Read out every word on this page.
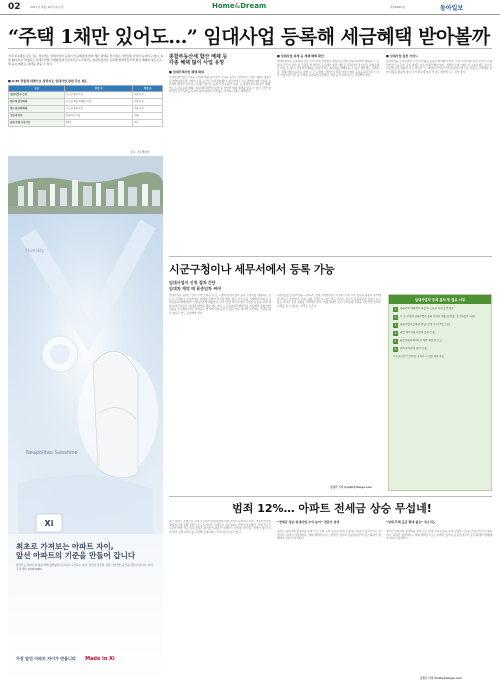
02	2011년 6월 30일 목요일	Home&Dream	제36620호	동아일보
“주택 1채만 있어도…” 임대사업 등록해 세금혜택 받아볼까
거주 외 1채를 갖고 있는 경우에도 임대사업자 등록이 가능해짐에 따라 세금 혜택을 받으려는 사람들의 관심이 높아지고 있다. 6월 30일부터 개정되는 임대주택법 시행령에 따르면 1가구 1주택자도 임대사업자로 등록해 종합부동산세 합산 배제와 양도소득세 중과 배제 등 혜택을 받을 수 있다.
■ 6·30 전월세 대책으로 달라지는 임대사업 관련 주요 제도
구분	변경 전	변경 후
임대사업자 등록	수도권 3채 이상	1채 이상
종부세 합산배제	수도권 3채, 149㎡ 이하	1채 이상
양도세 중과배제	수도권 3채 이상	1채 이상
소득세 감면	임대 5년 이상	완화
임대 주택 보유기간	10년	5년
자료: 국토해양부
Xi
Neapolitan Sunshine
Humidity
최초로 가져보는 아파트 자이,
앞선 아파트의 기준을 만들어 갑니다
앞서가는 아파트의 삶을 위해 끊임없이 연구하고 고민하는 자이. 당신이 꿈꾸던 가장 이상적인 공간을 만들어 갑니다. 자이 고객 센터 1544-0000
가장 앞선 아파트 자이가 만듭니다 Made in Xi
종합부동산세 합산 배제 등
각종 혜택 많이 사업 유망
■ 임대주택사업 혜택 확대
주택임대사업은 주택을 구입해 세를 놓으면서 수익을 올리는 사업이다. 이번 시행령 개정으로 매입임대주택 사업자 등록 요건이 크게 완화됐다. 지금까지는 수도권에서 3채 이상을 보유해야 했지만 앞으로는 1채만 있어도 등록이 가능하다. 등록 시 종합부동산세 합산 배제, 양도소득세 중과 배제, 취득세와 재산세 감면 등 다양한 세제 혜택을 받을 수 있다. 다만 임대 의무기간 5년을 지켜야 하며 임대료 인상률도 연 5% 이내로 제한된다.
■ 임대사업 과세 등 세제 혜택 확인
임대사업자로 등록하면 보유 주택 수에 관계없이 종합부동산세 과세 대상에서 제외된다. 또 임대 기간이 끝난 뒤 주택을 팔 때 양도소득세가 일반 세율로 부과되며 장기보유 특별공제도 받을 수 있다. 전용면적 60㎡ 이하 주택은 취득세를 면제받을 수 있고 재산세도 감면된다. 임대사업자 등록은 관할 시·군·구청에 신청한 뒤 세무서에 사업자 등록을 하면 된다. 다만 임대 의무기간 중 주택을 처분하면 감면받은 세금을 추징당하므로 주의해야 한다.
■ 임대사업 실전 가이드
임대사업을 시작하려면 우선 수익률을 꼼꼼히 따져봐야 한다. 주택 가격 대비 임대 수익이 은행 이자보다 높은지, 공실 위험은 없는지 확인해야 한다. 역세권 소형 아파트나 오피스텔은 수요가 꾸준해 공실 위험이 낮은 편이다. 또 세입자 관리와 주택 유지보수에 드는 비용도 고려해야 하며 대출을 활용할 경우 금리 변동에 따른 부담도 계산해 두는 것이 좋다.
시군구청이나 세무서에서 등록 가능
임대사업자 신청 절차 간단
임대차 계약 때 표준임차 써야
임대사업자 등록은 먼저 주택 소재지 시·군·구청에 임대사업자 등록 신청서를 제출하는 것으로 시작된다. 신청서에는 임대할 주택의 주소와 면적, 취득 가격 등을 기재해야 하며 등기부등본과 매매계약서 사본을 함께 제출한다. 이후 관할 세무서에서 사업자 등록을 하면 절차가 마무리된다. 임대차 계약을 맺을 때는 반드시 표준임대차계약서를 사용해야 하며 계약 내용을 신고해야 한다. 임대료는 연 5% 이상 올릴 수 없고 의무 임대기간 안에는 주택을 팔 수 없다는 점도 유념해야 한다.
전문가들은 임대사업을 시작하기 전에 지역별 임대 수요와 주택 가격 흐름을 충분히 분석해야 한다고 조언한다. 특히 소형 주택은 1, 2인 가구 증가로 수요가 꾸준하지만 공급이 늘고 있는 지역은 공실 위험을 고려해야 한다. 세제 혜택만 보고 무리하게 주택을 사들이면 오히려 손해를 볼 수 있다는 지적도 나온다.
정혜진 기자 hyejin@donga.com
임대사업자 등록 절차 및 필요 서류
1	임대주택 매매계약 체결 후 소유권 이전 등기 완료
2	시·군·구청에 임대사업자 등록 신청서 제출 (신분증, 등기부등본 지참)
3	임대사업자 등록증 발급 (신청 후 약 7일 소요)
4	관할 세무서에 사업자 등록 신청
5	표준임대차계약서로 계약 체결 및 신고
6	취득세·재산세 감면 신청
※ 임대 의무기간(5년) 내 처분 시 감면 세액 추징
범죄 12%… 아파트 전세금 상승 무섭네!
최근 아파트 전세금이 크게 오르면서 임대사업에 대한 관심이 높아지고 있다. 부동산정보업체에 따르면 올해 상반기 수도권 아파트 전세금은 평균 12% 가까이 상승했다. 전세 수요는 꾸준한 반면 신규 입주 물량은 줄어들어 당분간 전세난이 이어질 것이라는 전망이 많다. 이에 따라 소형 아파트를 구입해 임대하려는 투자자들이 늘고 있다.
“전세금 상승 임대사업 수익 늘어” 전문가 분석
정부는 임대사업 활성화를 통해 민간 임대 주택 공급을 늘려 전월세 시장을 안정시킨다는 방침이다. 하지만 일부에서는 세제 혜택만으로는 한계가 있다며 공공임대주택 공급 확대가 병행돼야 한다고 지적한다.
“임대 주택 공급 확대 필요” 목소리도
정부는 임대사업 활성화를 통해 민간 임대 주택 공급을 늘려 전월세 시장을 안정시킨다는 방침이다. 하지만 일부에서는 세제 혜택만으로는 한계가 있다며 공공임대주택 공급 확대가 병행돼야 한다고 지적한다.
김현수 기자 kimhs@donga.com
